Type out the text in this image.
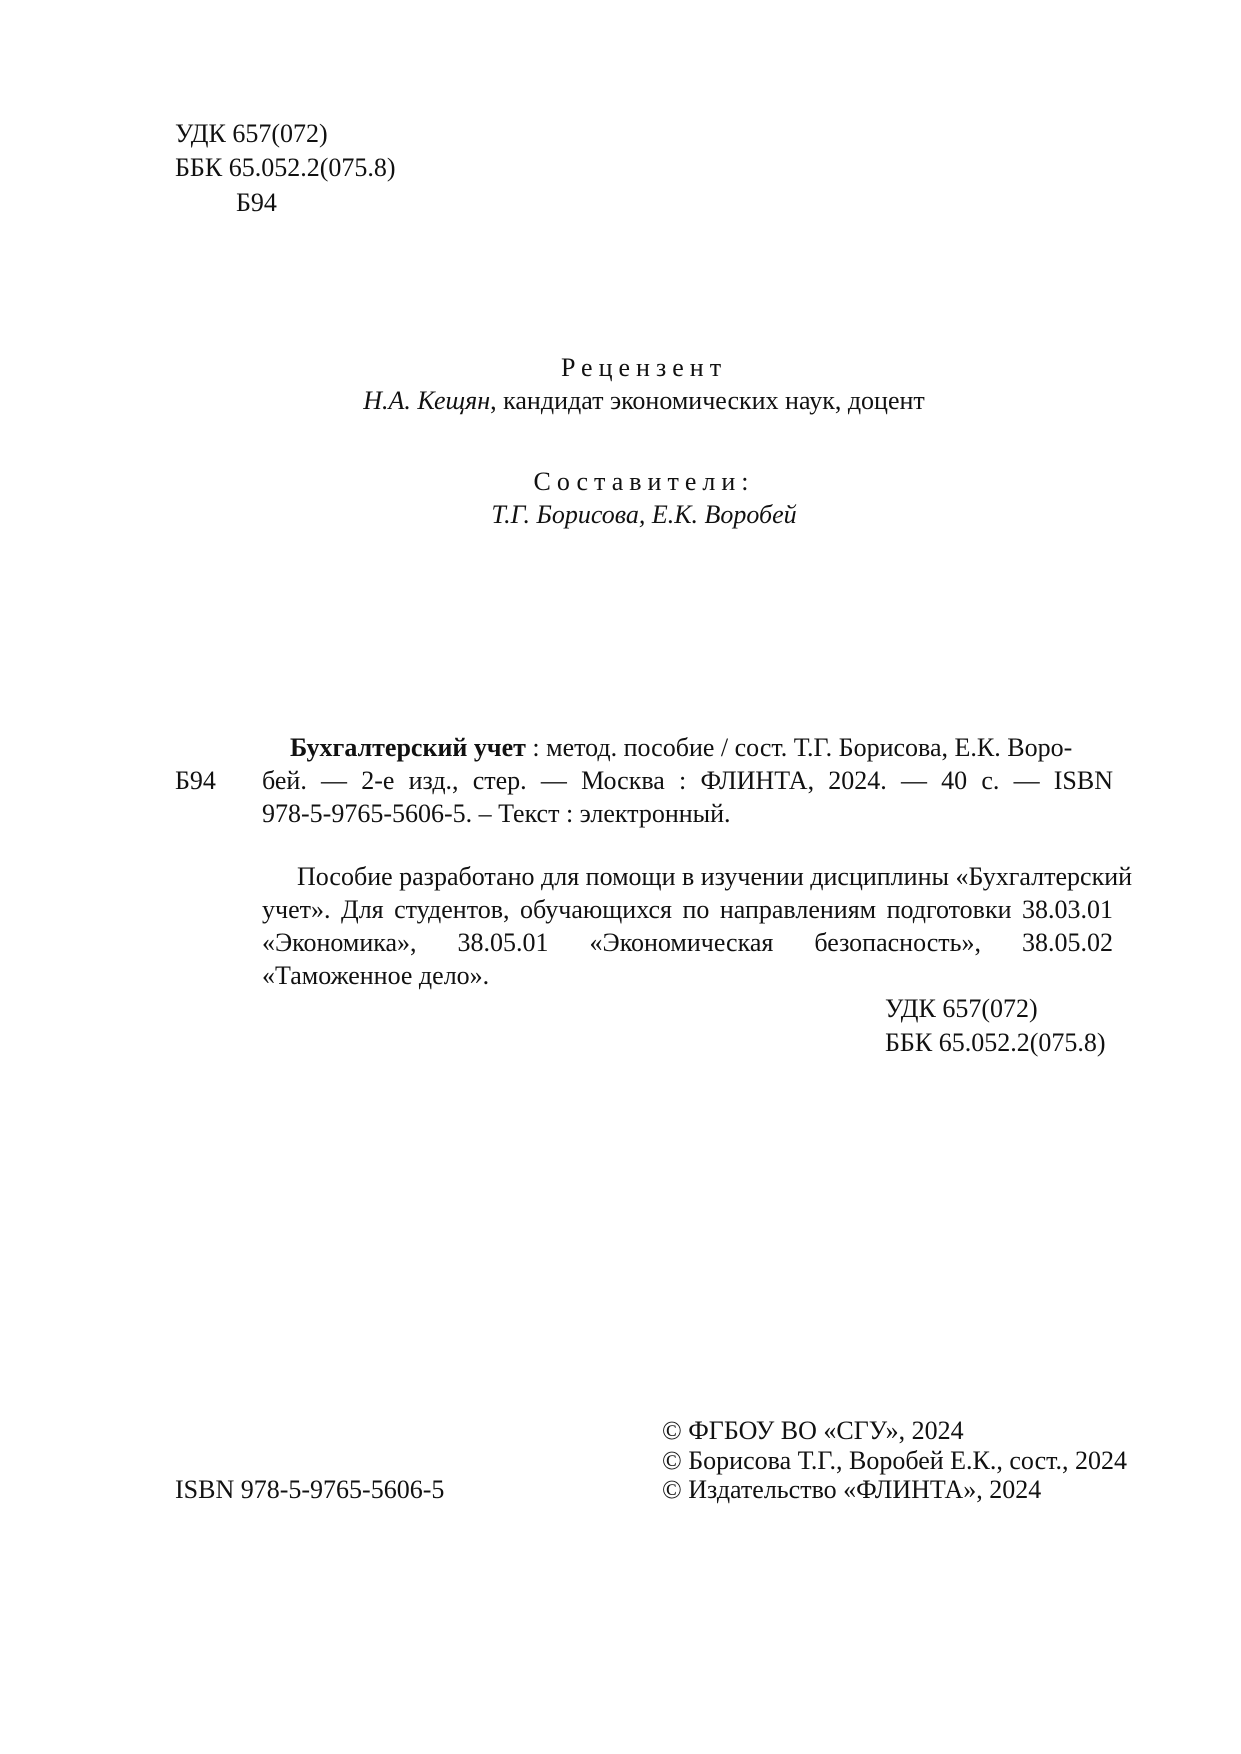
УДК 657(072)
ББК 65.052.2(075.8)
Б94
Рецензент
Н.А. Кещян, кандидат экономических наук, доцент
Составители:
Т.Г. Борисова, Е.К. Воробей
Б94
Бухгалтерский учет : метод. пособие / сост. Т.Г. Борисова, Е.К. Воро-
бей. — 2-е изд., стер. — Москва : ФЛИНТА, 2024. — 40 с. — ISBN
978-5-9765-5606-5. – Текст : электронный.
Пособие разработано для помощи в изучении дисциплины «Бухгалтерский
учет». Для студентов, обучающихся по направлениям подготовки 38.03.01
«Экономика», 38.05.01 «Экономическая безопасность», 38.05.02
«Таможенное дело».
УДК 657(072)
ББК 65.052.2(075.8)
ISBN 978-5-9765-5606-5
© ФГБОУ ВО «СГУ», 2024
© Борисова Т.Г., Воробей Е.К., сост., 2024
© Издательство «ФЛИНТА», 2024
